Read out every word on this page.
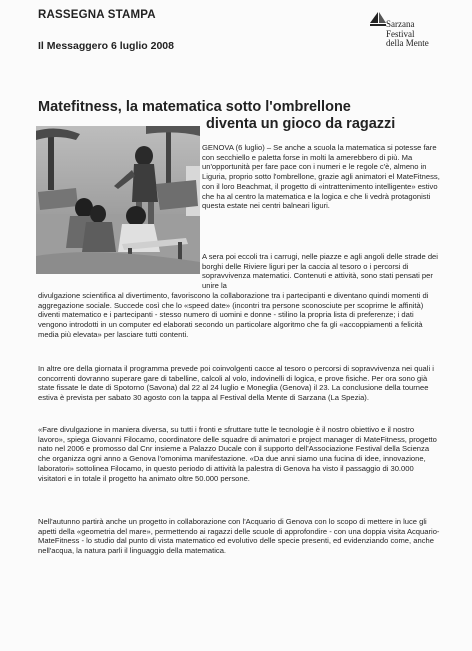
RASSEGNA STAMPA
Il Messaggero 6 luglio 2008
Sarzana
Festival
della Mente
Matefitness, la matematica sotto l'ombrellone
diventa un gioco da ragazzi
GENOVA (6 luglio) – Se anche a scuola la matematica si potesse fare con secchiello e paletta forse in molti la amerebbero di più. Ma un'opportunità per fare pace con i numeri e le regole c'è, almeno in Liguria, proprio sotto l'ombrellone, grazie agli animatori el MateFitness, con il loro Beachmat, il progetto di «intrattenimento intelligente» estivo che ha al centro la matematica e la logica e che li vedrà protagonisti questa estate nei centri balneari liguri.
A sera poi eccoli tra i carrugi, nelle piazze e agli angoli delle strade dei borghi delle Riviere liguri per la caccia al tesoro o i percorsi di sopravvivenza matematici. Contenuti e attività, sono stati pensati per unire la
divulgazione scientifica al divertimento, favoriscono la collaborazione tra i partecipanti e diventano quindi momenti di aggregazione sociale. Succede così che lo «speed date» (incontri tra persone sconosciute per scoprirne le affinità) diventi matematico e i partecipanti - stesso numero di uomini e donne - stilino la propria lista di preferenze; i dati vengono introdotti in un computer ed elaborati secondo un particolare algoritmo che fa gli «accoppiamenti a felicità media più elevata» per lasciare tutti contenti.
In altre ore della giornata il programma prevede poi coinvolgenti cacce al tesoro o percorsi di sopravvivenza nei quali i concorrenti dovranno superare gare di tabelline, calcoli al volo, indovinelli di logica, e prove fisiche. Per ora sono già state fissate le date di Spotorno (Savona) dal 22 al 24 luglio e Moneglia (Genova) il 23. La conclusione della tournee estiva è prevista per sabato 30 agosto con la tappa al Festival della Mente di Sarzana (La Spezia).
«Fare divulgazione in maniera diversa, su tutti i fronti e sfruttare tutte le tecnologie è il nostro obiettivo e il nostro lavoro», spiega Giovanni Filocamo, coordinatore delle squadre di animatori e project manager di MateFitness, progetto nato nel 2006 e promosso dal Cnr insieme a Palazzo Ducale con il supporto dell'Associazione Festival della Scienza che organizza ogni anno a Genova l'omonima manifestazione. «Da due anni siamo una fucina di idee, innovazione, laboratori» sottolinea Filocamo, in questo periodo di attività la palestra di Genova ha visto il passaggio di 30.000 visitatori e in totale il progetto ha animato oltre 50.000 persone.
Nell'autunno partirà anche un progetto in collaborazione con l'Acquario di Genova con lo scopo di mettere in luce gli apetti della «geometria del mare», permettendo ai ragazzi delle scuole di approfondire - con una doppia visita Acquario-MateFitness - lo studio dal punto di vista matematico ed evolutivo delle specie presenti, ed evidenziando come, anche nell'acqua, la natura parli il linguaggio della matematica.
